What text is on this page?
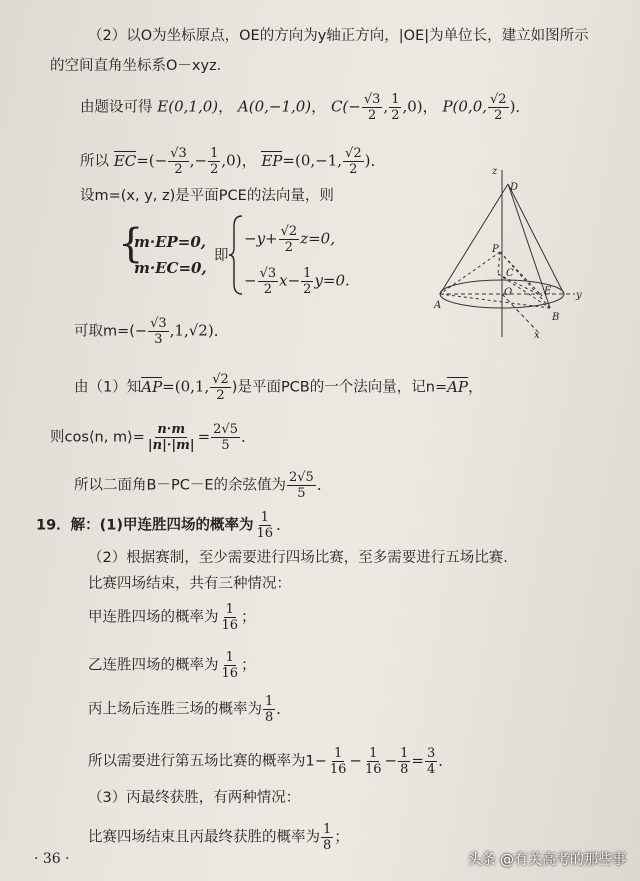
（2）以O为坐标原点，OE的方向为y轴正方向，|OE|为单位长，建立如图所示
的空间直角坐标系O－xyz．
由题设可得 E(0,1,0)， A(0,−1,0)， $C(- \frac{√3}{2}$ , $\frac{1}{2} ,0$)， P(0,0, $\frac{√2}{2}$ )．
所以 $EC=(- \frac{√3}{2}$ ,− $\frac{1}{2} ,0$)， EP=(0,−1, $\frac{√2}{2}$ )．
设m=(x, y, z)是平面PCE的法向量，则
{
m·EP=0,
m·EC=0,
即
$-y+ \frac{√2}{2} z=0$,
− $\frac{√3}{2} x- \frac{1}{2} y=0$.
z
D
P
C
O	E
A
B
y
x
可取$m=(- \frac{√3}{3} ,1,√2)$．
由（1）知AP=(0,1, $\frac{√2}{2}$ )是平面PCB的一个法向量，记n=AP，
则cos⟨n, m⟩= $\frac{n\cdot m}{|n|\cdot|m|} = \frac{2√5}{5}$ ．
所以二面角B－PC－E的余弦值为 $\frac{2√5}{5}$ ．
19．解：(1)甲连胜四场的概率为 $\frac{1}{16}$ ．
（2）根据赛制，至少需要进行四场比赛，至多需要进行五场比赛．
比赛四场结束，共有三种情况：
甲连胜四场的概率为 $\frac{1}{16}$ ；
乙连胜四场的概率为 $\frac{1}{16}$ ；
丙上场后连胜三场的概率为 $\frac{1}{8}$ ．
所以需要进行第五场比赛的概率为$1- \frac{1}{16} - \frac{1}{16} - \frac{1}{8} = \frac{3}{4}$ ．
（3）丙最终获胜，有两种情况：
比赛四场结束且丙最终获胜的概率为 $\frac{1}{8}$ ；
· 36 ·	头条 @有关高考的那些事
